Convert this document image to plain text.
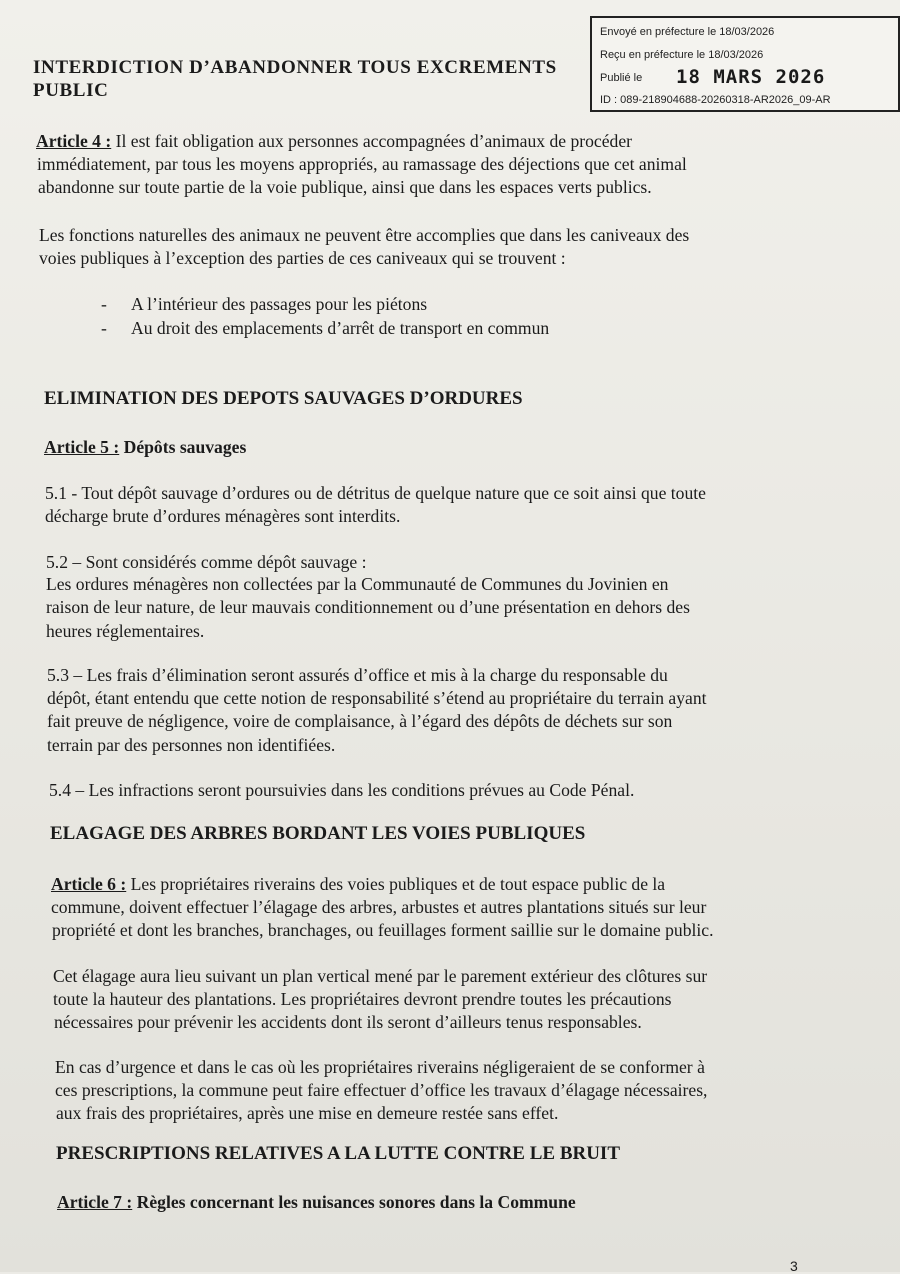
Envoyé en préfecture le 18/03/2026
Reçu en préfecture le 18/03/2026
Publié le 18 MARS 2026
ID : 089-218904688-20260318-AR2026_09-AR
INTERDICTION D’ABANDONNER TOUS EXCREMENTS
PUBLIC
Article 4 : Il est fait obligation aux personnes accompagnées d’animaux de procéder
immédiatement, par tous les moyens appropriés, au ramassage des déjections que cet animal
abandonne sur toute partie de la voie publique, ainsi que dans les espaces verts publics.
Les fonctions naturelles des animaux ne peuvent être accomplies que dans les caniveaux des
voies publiques à l’exception des parties de ces caniveaux qui se trouvent :
- A l’intérieur des passages pour les piétons
- Au droit des emplacements d’arrêt de transport en commun
ELIMINATION DES DEPOTS SAUVAGES D’ORDURES
Article 5 : Dépôts sauvages
5.1 - Tout dépôt sauvage d’ordures ou de détritus de quelque nature que ce soit ainsi que toute
décharge brute d’ordures ménagères sont interdits.
5.2 – Sont considérés comme dépôt sauvage :
Les ordures ménagères non collectées par la Communauté de Communes du Jovinien en
raison de leur nature, de leur mauvais conditionnement ou d’une présentation en dehors des
heures réglementaires.
5.3 – Les frais d’élimination seront assurés d’office et mis à la charge du responsable du
dépôt, étant entendu que cette notion de responsabilité s’étend au propriétaire du terrain ayant
fait preuve de négligence, voire de complaisance, à l’égard des dépôts de déchets sur son
terrain par des personnes non identifiées.
5.4 – Les infractions seront poursuivies dans les conditions prévues au Code Pénal.
ELAGAGE DES ARBRES BORDANT LES VOIES PUBLIQUES
Article 6 : Les propriétaires riverains des voies publiques et de tout espace public de la
commune, doivent effectuer l’élagage des arbres, arbustes et autres plantations situés sur leur
propriété et dont les branches, branchages, ou feuillages forment saillie sur le domaine public.
Cet élagage aura lieu suivant un plan vertical mené par le parement extérieur des clôtures sur
toute la hauteur des plantations. Les propriétaires devront prendre toutes les précautions
nécessaires pour prévenir les accidents dont ils seront d’ailleurs tenus responsables.
En cas d’urgence et dans le cas où les propriétaires riverains négligeraient de se conformer à
ces prescriptions, la commune peut faire effectuer d’office les travaux d’élagage nécessaires,
aux frais des propriétaires, après une mise en demeure restée sans effet.
PRESCRIPTIONS RELATIVES A LA LUTTE CONTRE LE BRUIT
Article 7 : Règles concernant les nuisances sonores dans la Commune
3
